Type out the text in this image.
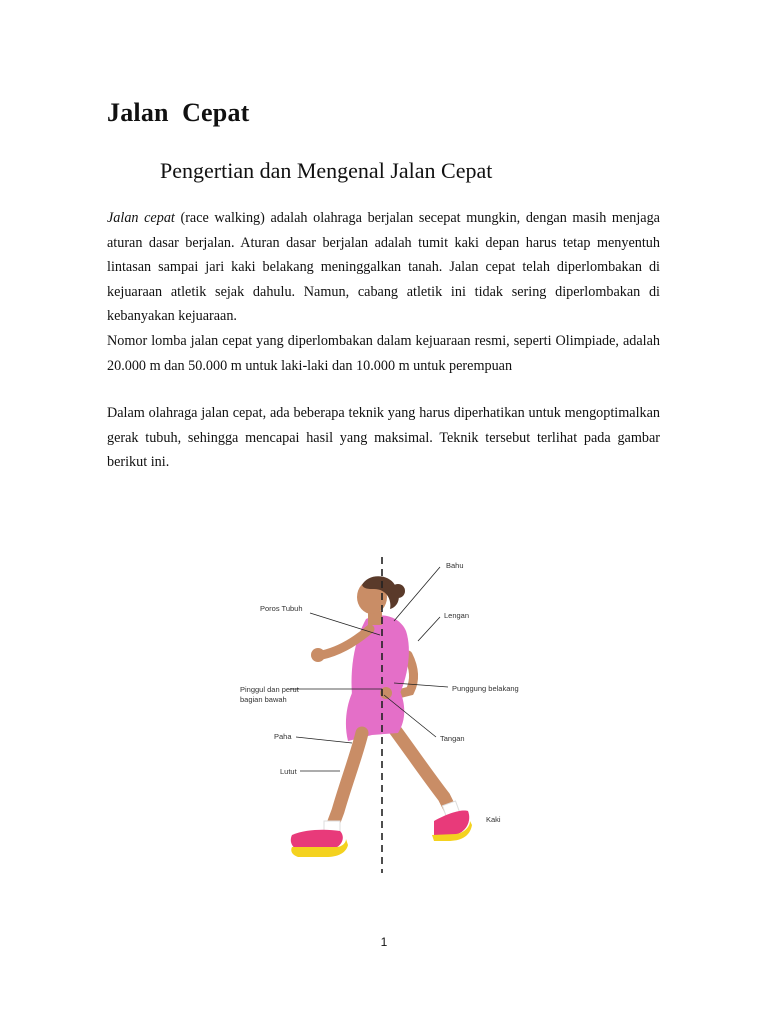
Jalan  Cepat
Pengertian dan Mengenal Jalan Cepat

Jalan cepat (race walking) adalah olahraga berjalan secepat mungkin, dengan masih menjaga aturan dasar berjalan. Aturan dasar berjalan adalah tumit kaki depan harus tetap menyentuh lintasan sampai jari kaki belakang meninggalkan tanah. Jalan cepat telah diperlombakan di kejuaraan atletik sejak dahulu. Namun, cabang atletik ini tidak sering diperlombakan di kebanyakan kejuaraan.

Nomor lomba jalan cepat yang diperlombakan dalam kejuaraan resmi, seperti Olimpiade, adalah 20.000 m dan 50.000 m untuk laki-laki dan 10.000 m untuk perempuan

Dalam olahraga jalan cepat, ada beberapa teknik yang harus diperhatikan untuk mengoptimalkan gerak tubuh, sehingga mencapai hasil yang maksimal. Teknik tersebut terlihat pada gambar berikut ini.

Bahu
Poros Tubuh
Lengan
Pinggul dan perut
bagian bawah
Punggung belakang
Paha	Tangan
Lutut
Kaki

1
